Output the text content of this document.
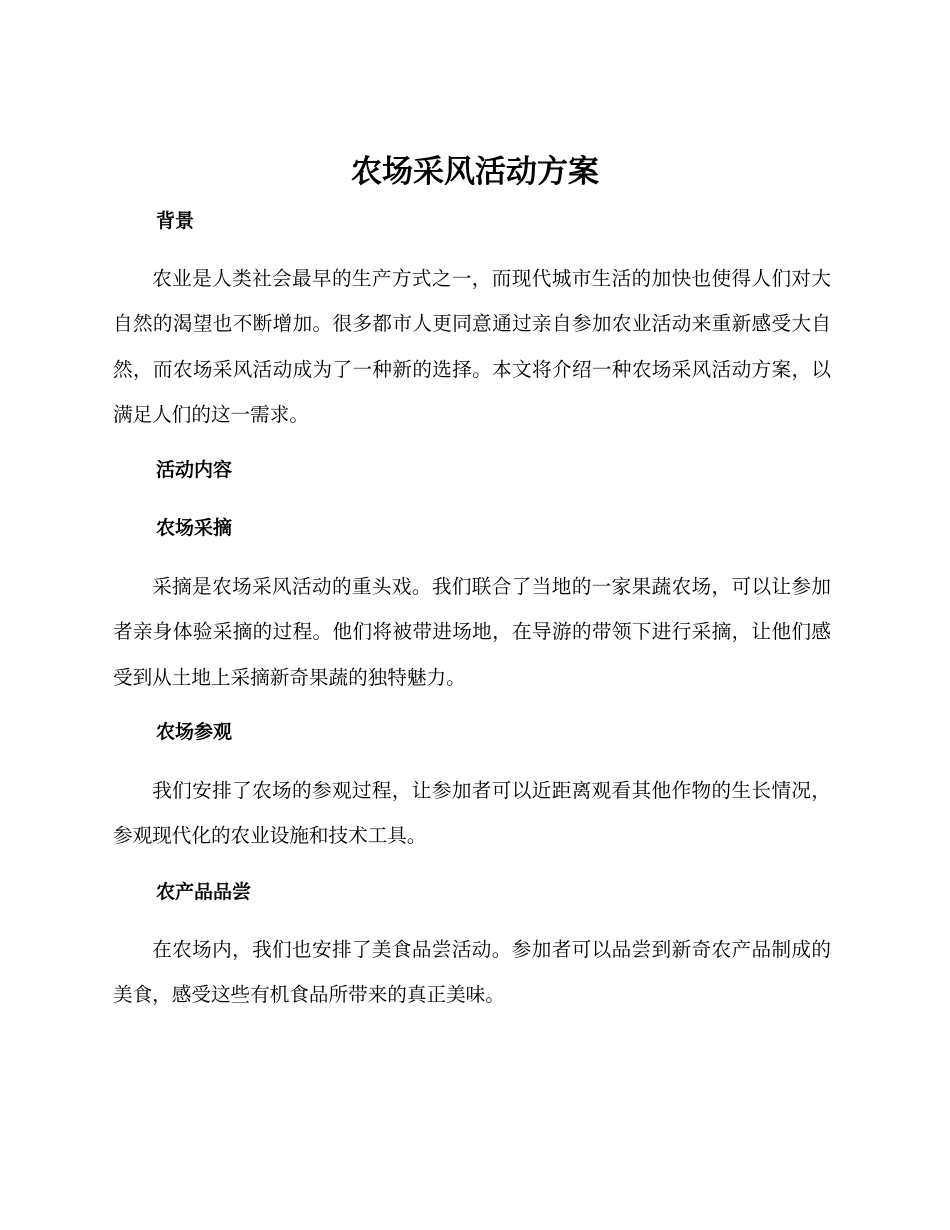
农场采风活动方案
背景

农业是人类社会最早的生产方式之一，而现代城市生活的加快也使得人们对大自然的渴望也不断增加。很多都市人更同意通过亲自参加农业活动来重新感受大自然，而农场采风活动成为了一种新的选择。本文将介绍一种农场采风活动方案，以满足人们的这一需求。

活动内容
农场采摘

采摘是农场采风活动的重头戏。我们联合了当地的一家果蔬农场，可以让参加者亲身体验采摘的过程。他们将被带进场地，在导游的带领下进行采摘，让他们感受到从土地上采摘新奇果蔬的独特魅力。

农场参观

我们安排了农场的参观过程，让参加者可以近距离观看其他作物的生长情况，参观现代化的农业设施和技术工具。

农产品品尝

在农场内，我们也安排了美食品尝活动。参加者可以品尝到新奇农产品制成的美食，感受这些有机食品所带来的真正美味。
